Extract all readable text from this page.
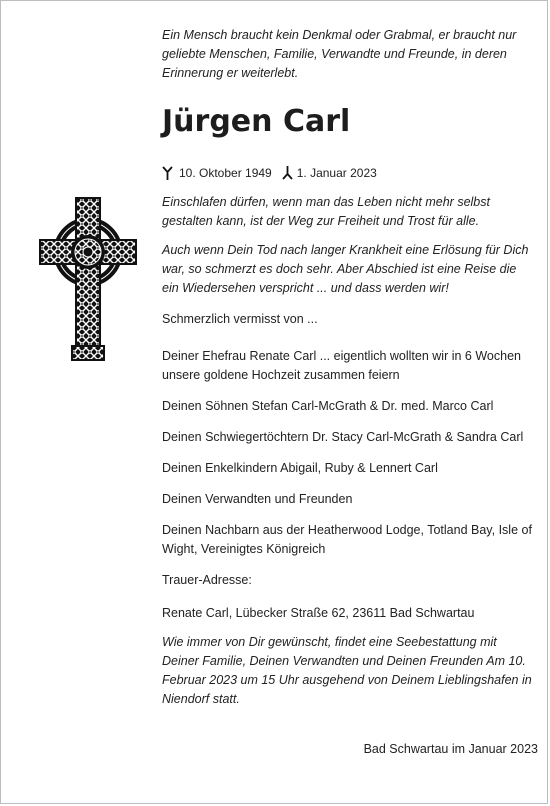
Ein Mensch braucht kein Denkmal oder Grabmal, er braucht nur geliebte Menschen, Familie, Verwandte und Freunde, in deren Erinnerung er weiterlebt.

Jürgen Carl
10. Oktober 1949 1. Januar 2023

Einschlafen dürfen, wenn man das Leben nicht mehr selbst gestalten kann, ist der Weg zur Freiheit und Trost für alle.

Auch wenn Dein Tod nach langer Krankheit eine Erlösung für Dich war, so schmerzt es doch sehr. Aber Abschied ist eine Reise die ein Wiedersehen verspricht ... und dass werden wir!

Schmerzlich vermisst von ...

Deiner Ehefrau Renate Carl ... eigentlich wollten wir in 6 Wochen unsere goldene Hochzeit zusammen feiern

Deinen Söhnen Stefan Carl-McGrath & Dr. med. Marco Carl

Deinen Schwiegertöchtern Dr. Stacy Carl-McGrath & Sandra Carl

Deinen Enkelkindern Abigail, Ruby & Lennert Carl

Deinen Verwandten und Freunden

Deinen Nachbarn aus der Heatherwood Lodge, Totland Bay, Isle of Wight, Vereinigtes Königreich

Trauer-Adresse:

Renate Carl, Lübecker Straße 62, 23611 Bad Schwartau

Wie immer von Dir gewünscht, findet eine Seebestattung mit Deiner Familie, Deinen Verwandten und Deinen Freunden Am 10. Februar 2023 um 15 Uhr ausgehend von Deinem Lieblingshafen in Niendorf statt.

Bad Schwartau im Januar 2023
